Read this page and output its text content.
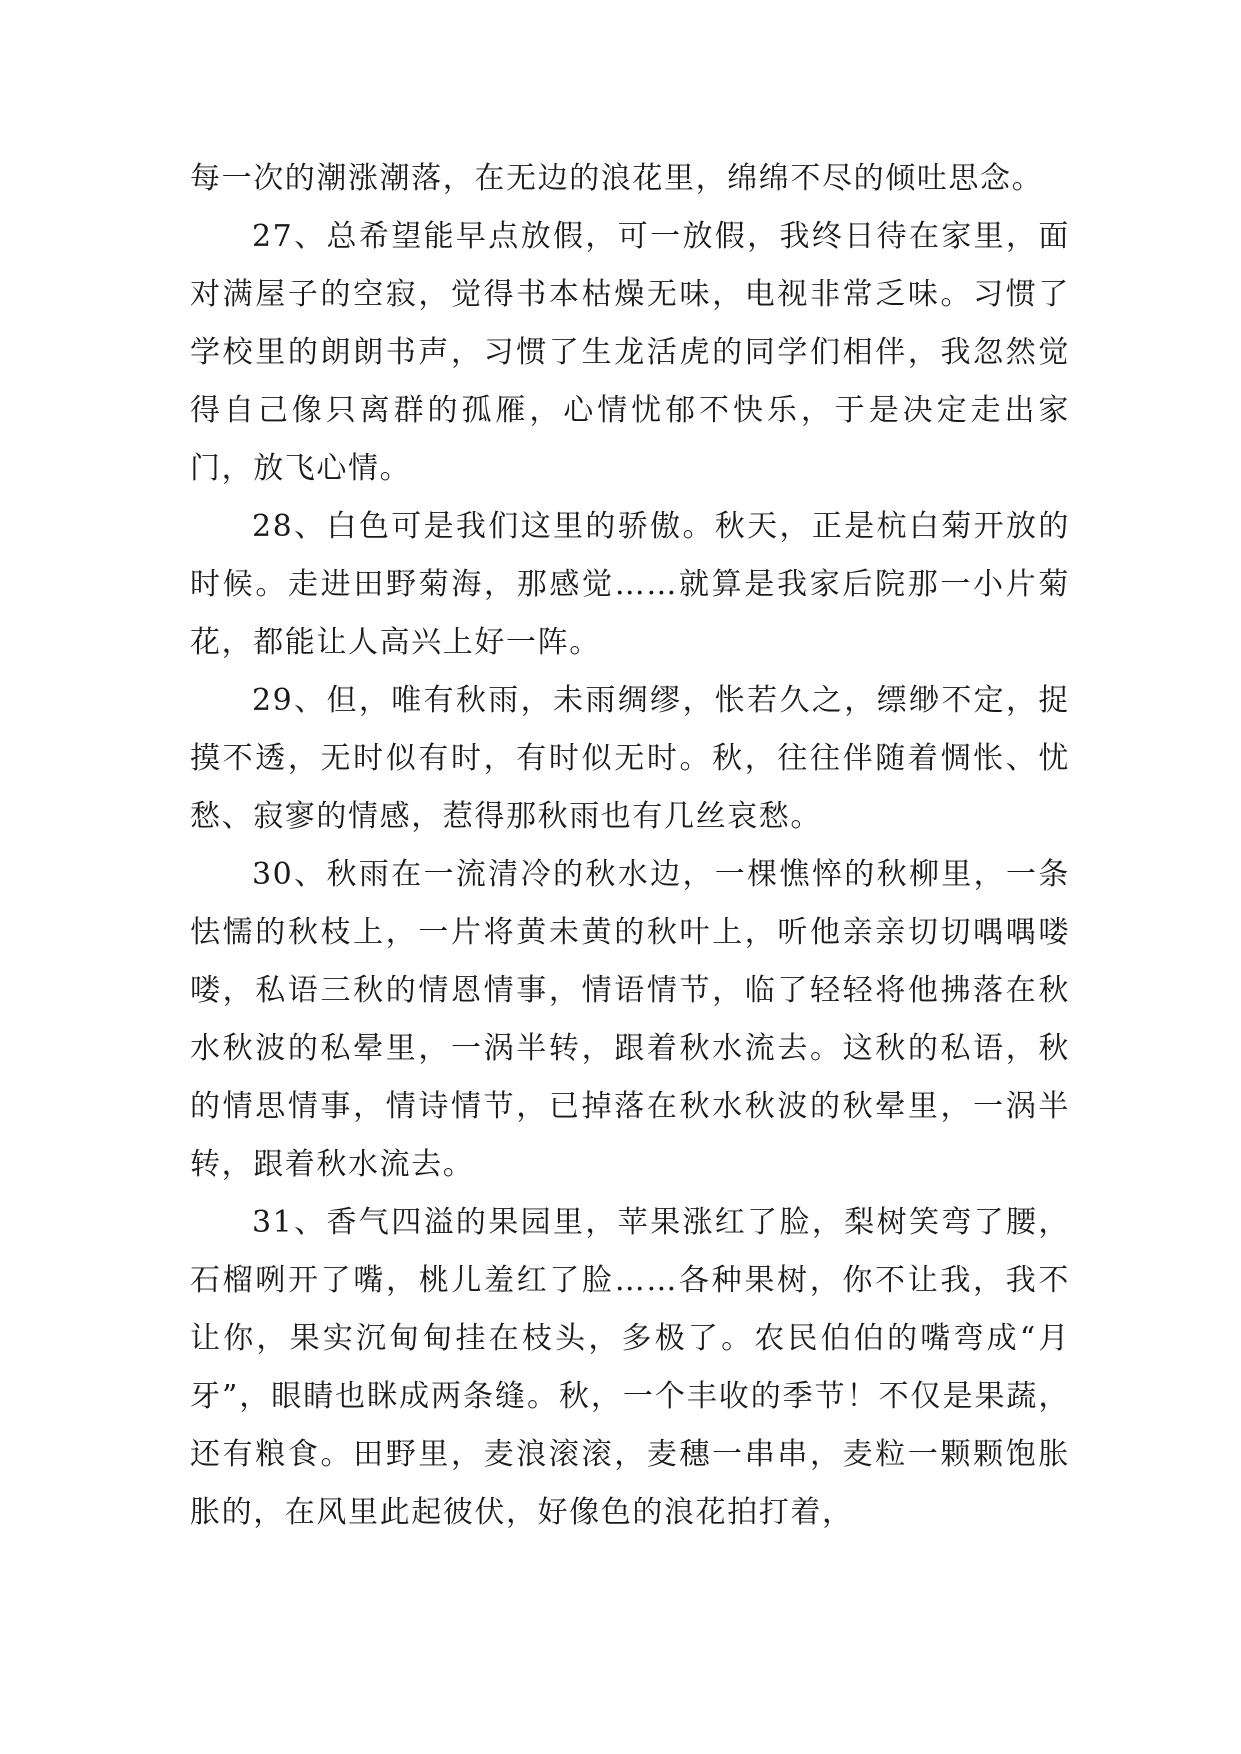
每一次的潮涨潮落，在无边的浪花里，绵绵不尽的倾吐思念。

27、总希望能早点放假，可一放假，我终日待在家里，面对满屋子的空寂，觉得书本枯燥无味，电视非常乏味。习惯了学校里的朗朗书声，习惯了生龙活虎的同学们相伴，我忽然觉得自己像只离群的孤雁，心情忧郁不快乐，于是决定走出家门，放飞心情。

28、白色可是我们这里的骄傲。秋天，正是杭白菊开放的时候。走进田野菊海，那感觉……就算是我家后院那一小片菊花，都能让人高兴上好一阵。

29、但，唯有秋雨，未雨绸缪，怅若久之，缥缈不定，捉摸不透，无时似有时，有时似无时。秋，往往伴随着惆怅、忧愁、寂寥的情感，惹得那秋雨也有几丝哀愁。

30、秋雨在一流清冷的秋水边，一棵憔悴的秋柳里，一条怯懦的秋枝上，一片将黄未黄的秋叶上，听他亲亲切切喁喁喽喽，私语三秋的情恩情事，情语情节，临了轻轻将他拂落在秋水秋波的私晕里，一涡半转，跟着秋水流去。这秋的私语，秋的情思情事，情诗情节，已掉落在秋水秋波的秋晕里，一涡半转，跟着秋水流去。

31、香气四溢的果园里，苹果涨红了脸，梨树笑弯了腰，石榴咧开了嘴，桃儿羞红了脸……各种果树，你不让我，我不让你，果实沉甸甸挂在枝头，多极了。农民伯伯的嘴弯成“月牙”，眼睛也眯成两条缝。秋，一个丰收的季节！不仅是果蔬，还有粮食。田野里，麦浪滚滚，麦穗一串串，麦粒一颗颗饱胀胀的，在风里此起彼伏，好像色的浪花拍打着，
